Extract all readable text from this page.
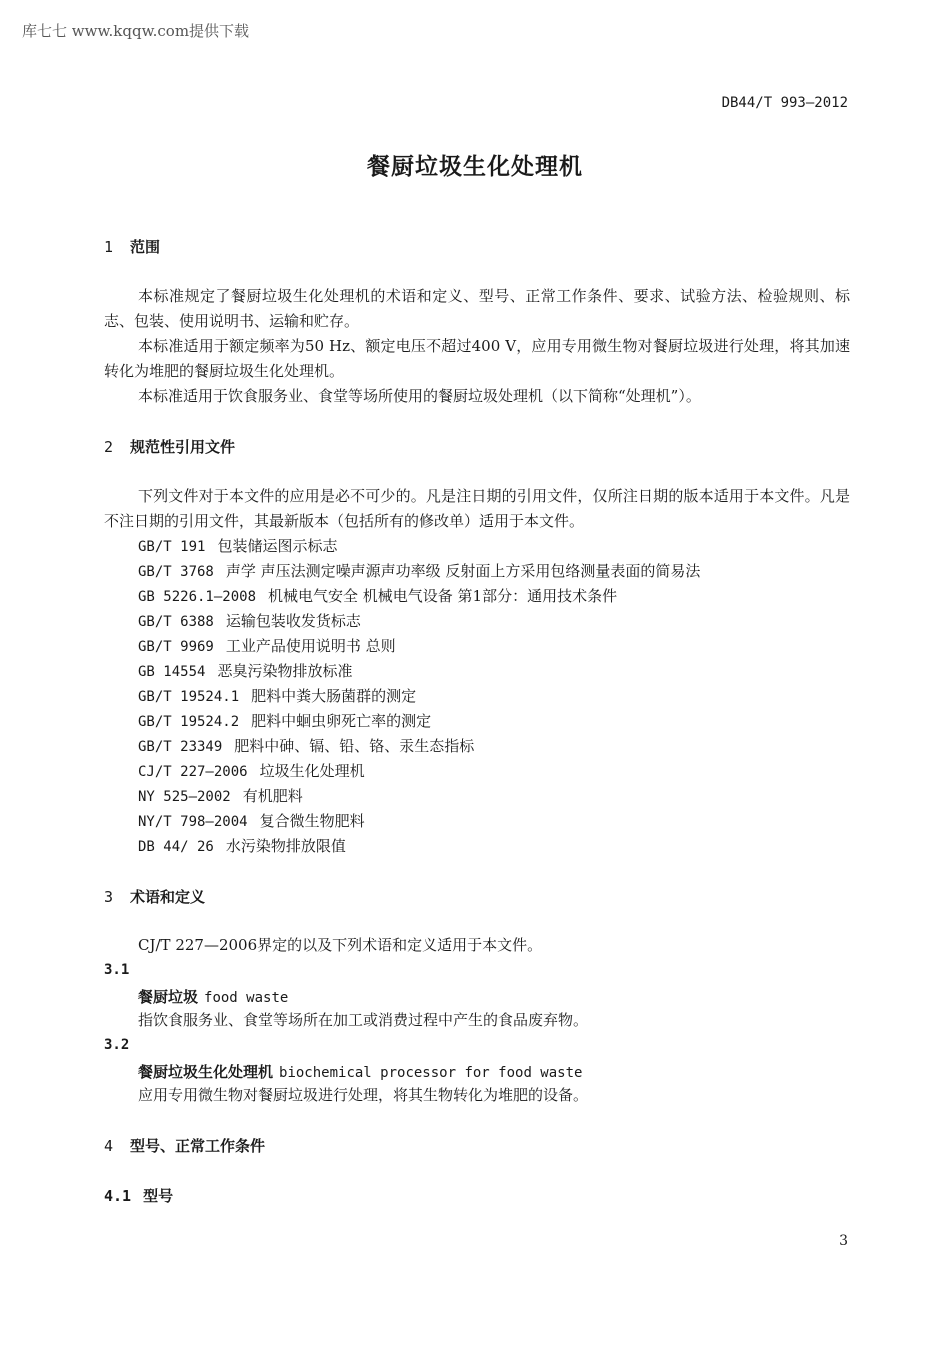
库七七 www.kqqw.com提供下载
DB44/T 993—2012
餐厨垃圾生化处理机
1 范围
本标准规定了餐厨垃圾生化处理机的术语和定义、型号、正常工作条件、要求、试验方法、检验规则、标志、包装、使用说明书、运输和贮存。
本标准适用于额定频率为50 Hz、额定电压不超过400 V，应用专用微生物对餐厨垃圾进行处理，将其加速转化为堆肥的餐厨垃圾生化处理机。
本标准适用于饮食服务业、食堂等场所使用的餐厨垃圾处理机（以下简称“处理机”）。
2 规范性引用文件
下列文件对于本文件的应用是必不可少的。凡是注日期的引用文件，仅所注日期的版本适用于本文件。凡是不注日期的引用文件，其最新版本（包括所有的修改单）适用于本文件。
GB/T 191 包装储运图示标志
GB/T 3768 声学 声压法测定噪声源声功率级 反射面上方采用包络测量表面的简易法
GB 5226.1—2008 机械电气安全 机械电气设备 第1部分：通用技术条件
GB/T 6388 运输包装收发货标志
GB/T 9969 工业产品使用说明书 总则
GB 14554 恶臭污染物排放标准
GB/T 19524.1 肥料中粪大肠菌群的测定
GB/T 19524.2 肥料中蛔虫卵死亡率的测定
GB/T 23349 肥料中砷、镉、铅、铬、汞生态指标
CJ/T 227—2006 垃圾生化处理机
NY 525—2002 有机肥料
NY/T 798—2004 复合微生物肥料
DB 44/ 26 水污染物排放限值
3 术语和定义
CJ/T 227—2006界定的以及下列术语和定义适用于本文件。
3.1
餐厨垃圾 food waste
指饮食服务业、食堂等场所在加工或消费过程中产生的食品废弃物。
3.2
餐厨垃圾生化处理机 biochemical processor for food waste
应用专用微生物对餐厨垃圾进行处理，将其生物转化为堆肥的设备。
4 型号、正常工作条件
4.1 型号
3
